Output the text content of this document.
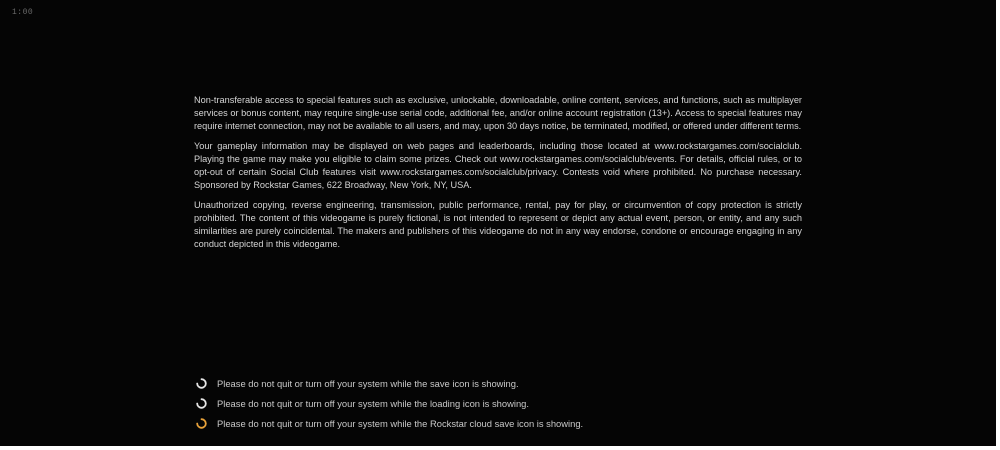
1:00

Non-transferable access to special features such as exclusive, unlockable, downloadable, online content, services, and functions, such as multiplayer services or bonus content, may require single-use serial code, additional fee, and/or online account registration (13+). Access to special features may require internet connection, may not be available to all users, and may, upon 30 days notice, be terminated, modified, or offered under different terms.

Your gameplay information may be displayed on web pages and leaderboards, including those located at www.rockstargames.com/socialclub. Playing the game may make you eligible to claim some prizes. Check out www.rockstargames.com/socialclub/events. For details, official rules, or to opt-out of certain Social Club features visit www.rockstargames.com/socialclub/privacy. Contests void where prohibited. No purchase necessary. Sponsored by Rockstar Games, 622 Broadway, New York, NY, USA.

Unauthorized copying, reverse engineering, transmission, public performance, rental, pay for play, or circumvention of copy protection is strictly prohibited. The content of this videogame is purely fictional, is not intended to represent or depict any actual event, person, or entity, and any such similarities are purely coincidental. The makers and publishers of this videogame do not in any way endorse, condone or encourage engaging in any conduct depicted in this videogame.

Please do not quit or turn off your system while the save icon is showing.
Please do not quit or turn off your system while the loading icon is showing.
Please do not quit or turn off your system while the Rockstar cloud save icon is showing.
